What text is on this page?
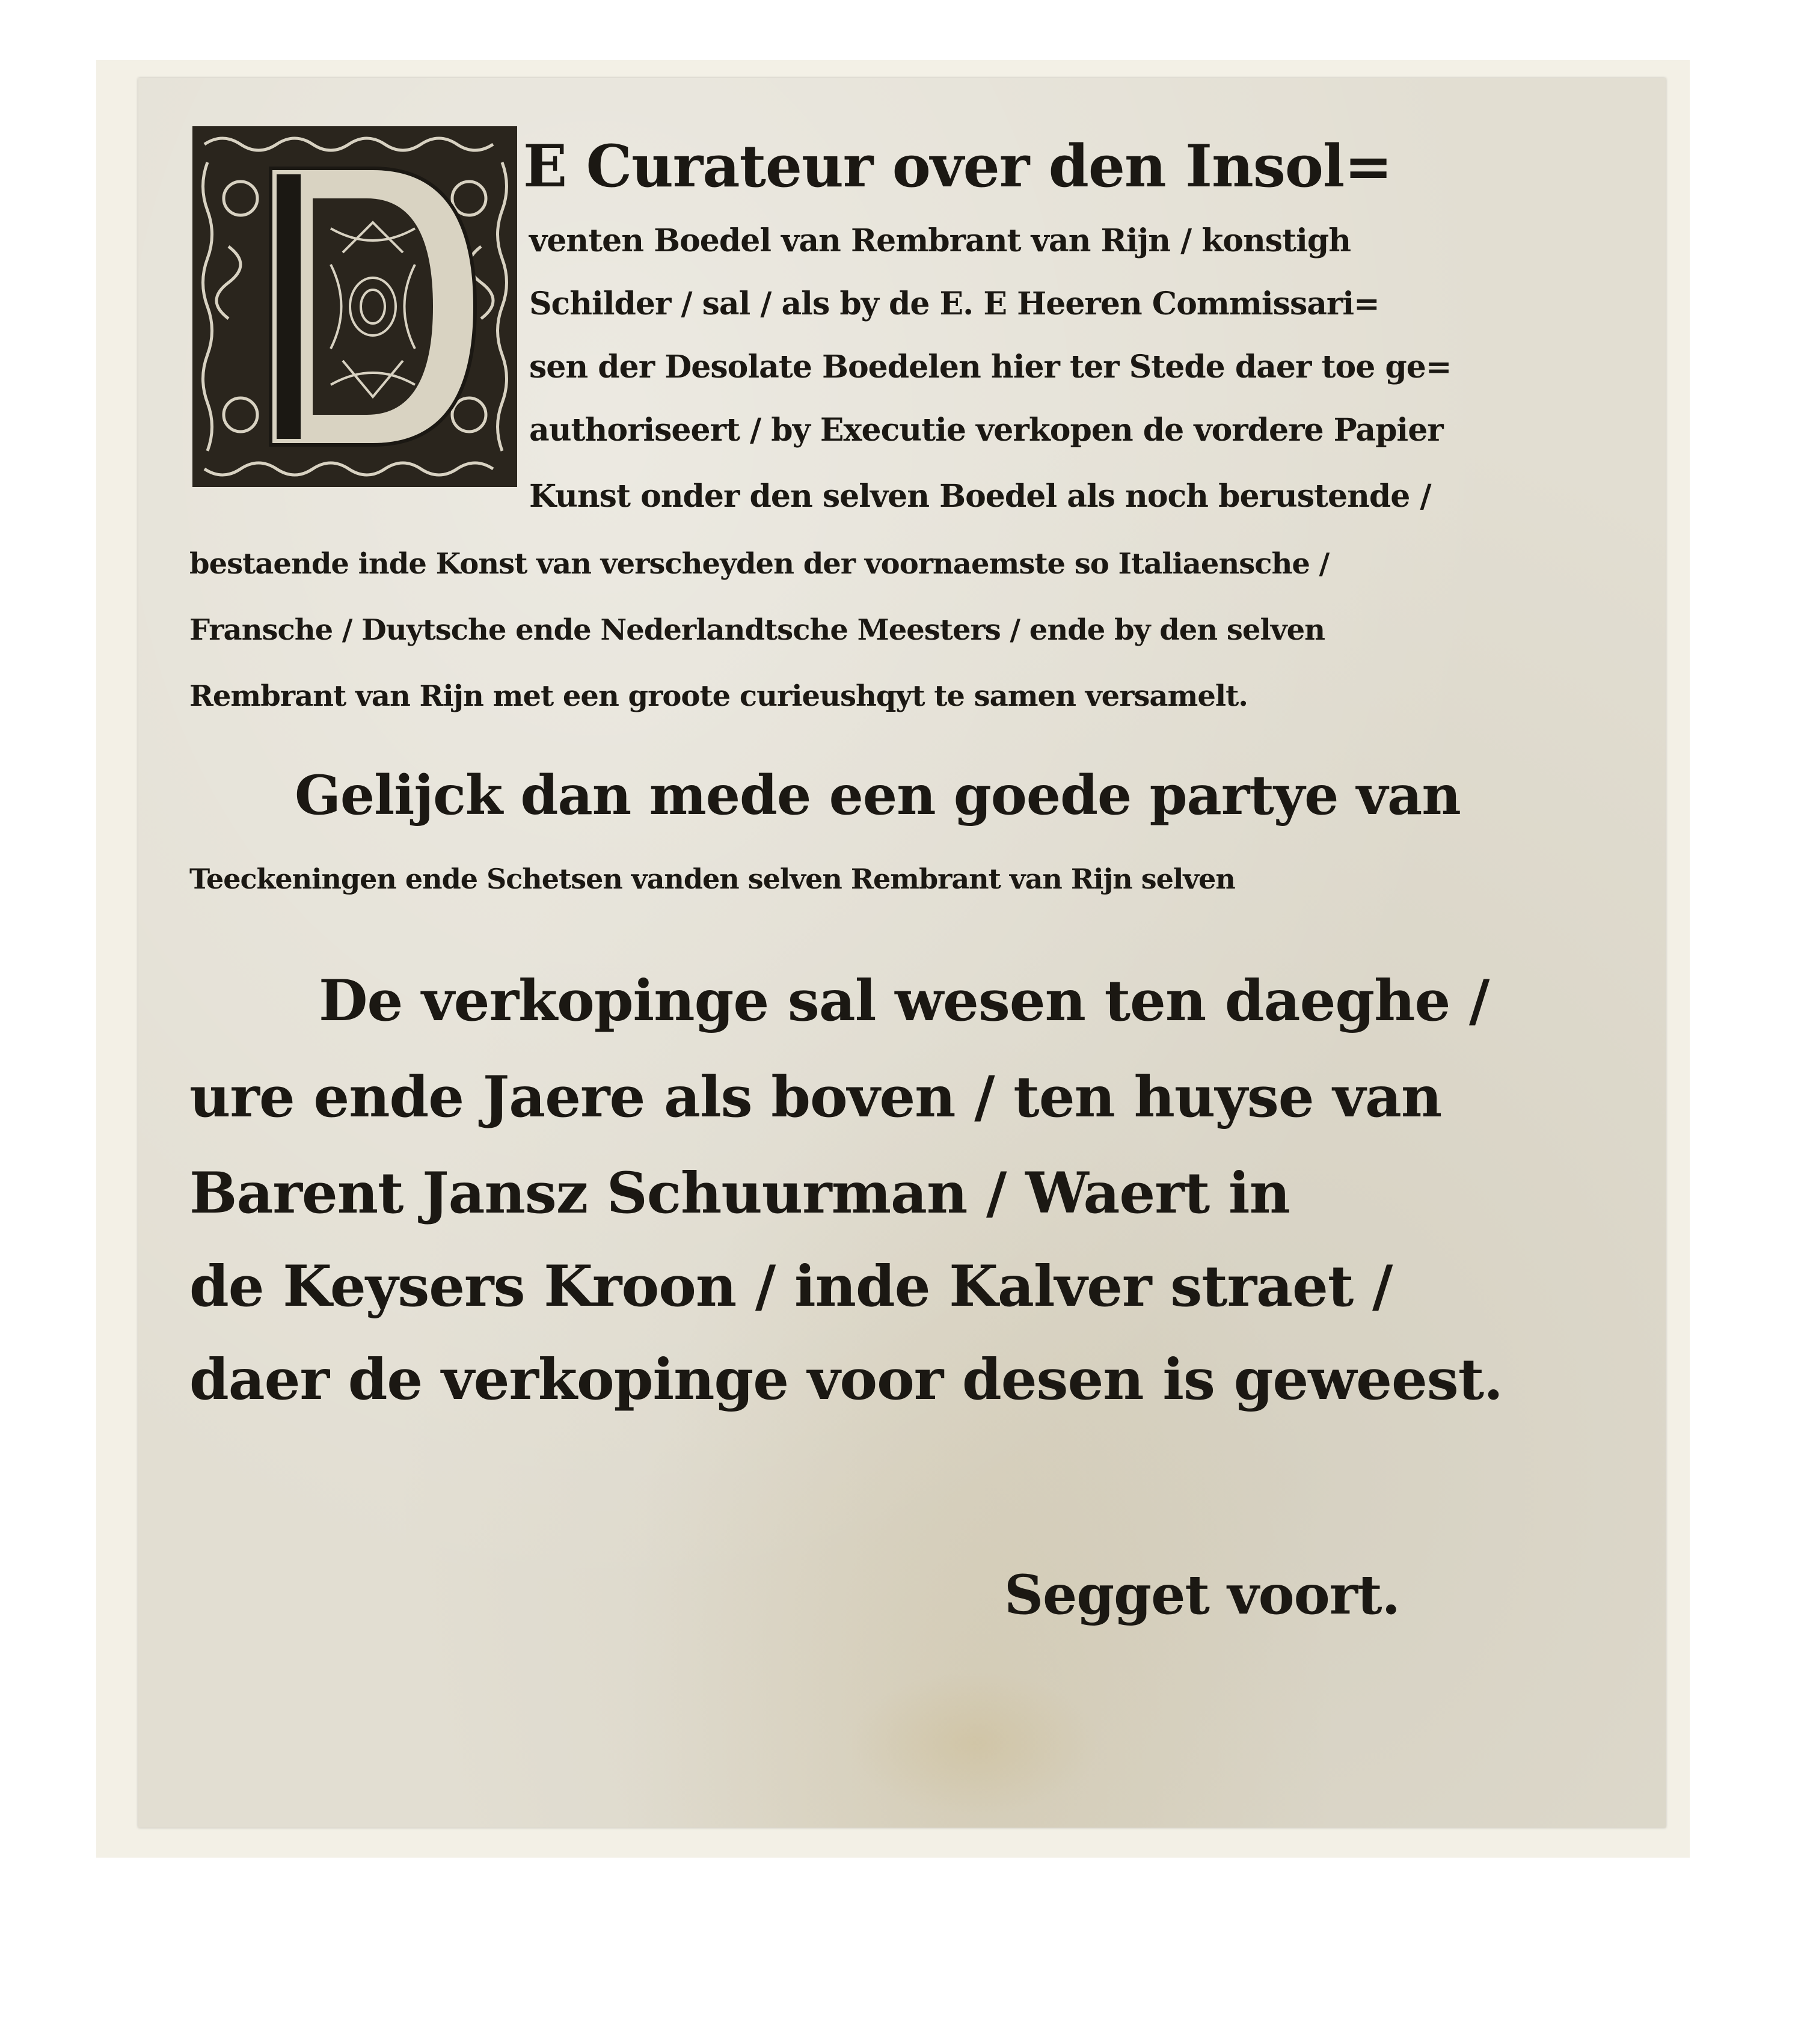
E Curateur over den Insol=
venten Boedel van Rembrant van Rijn / konstigh
Schilder / sal / als by de E. E Heeren Commissari=
sen der Desolate Boedelen hier ter Stede daer toe ge=
authoriseert / by Executie verkopen de vordere Papier
Kunst onder den selven Boedel als noch berustende /
bestaende inde Konst van verscheyden der voornaemste so Italiaensche /
Fransche / Duytsche ende Nederlandtsche Meesters / ende by den selven
Rembrant van Rijn met een groote curieushqyt te samen versamelt.
Gelijck dan mede een goede partye van
Teeckeningen ende Schetsen vanden selven Rembrant van Rijn selven
De verkopinge sal wesen ten daeghe /
ure ende Jaere als boven / ten huyse van
Barent Jansz Schuurman / Waert in
de Keysers Kroon / inde Kalver straet /
daer de verkopinge voor desen is geweest.
Segget voort.
